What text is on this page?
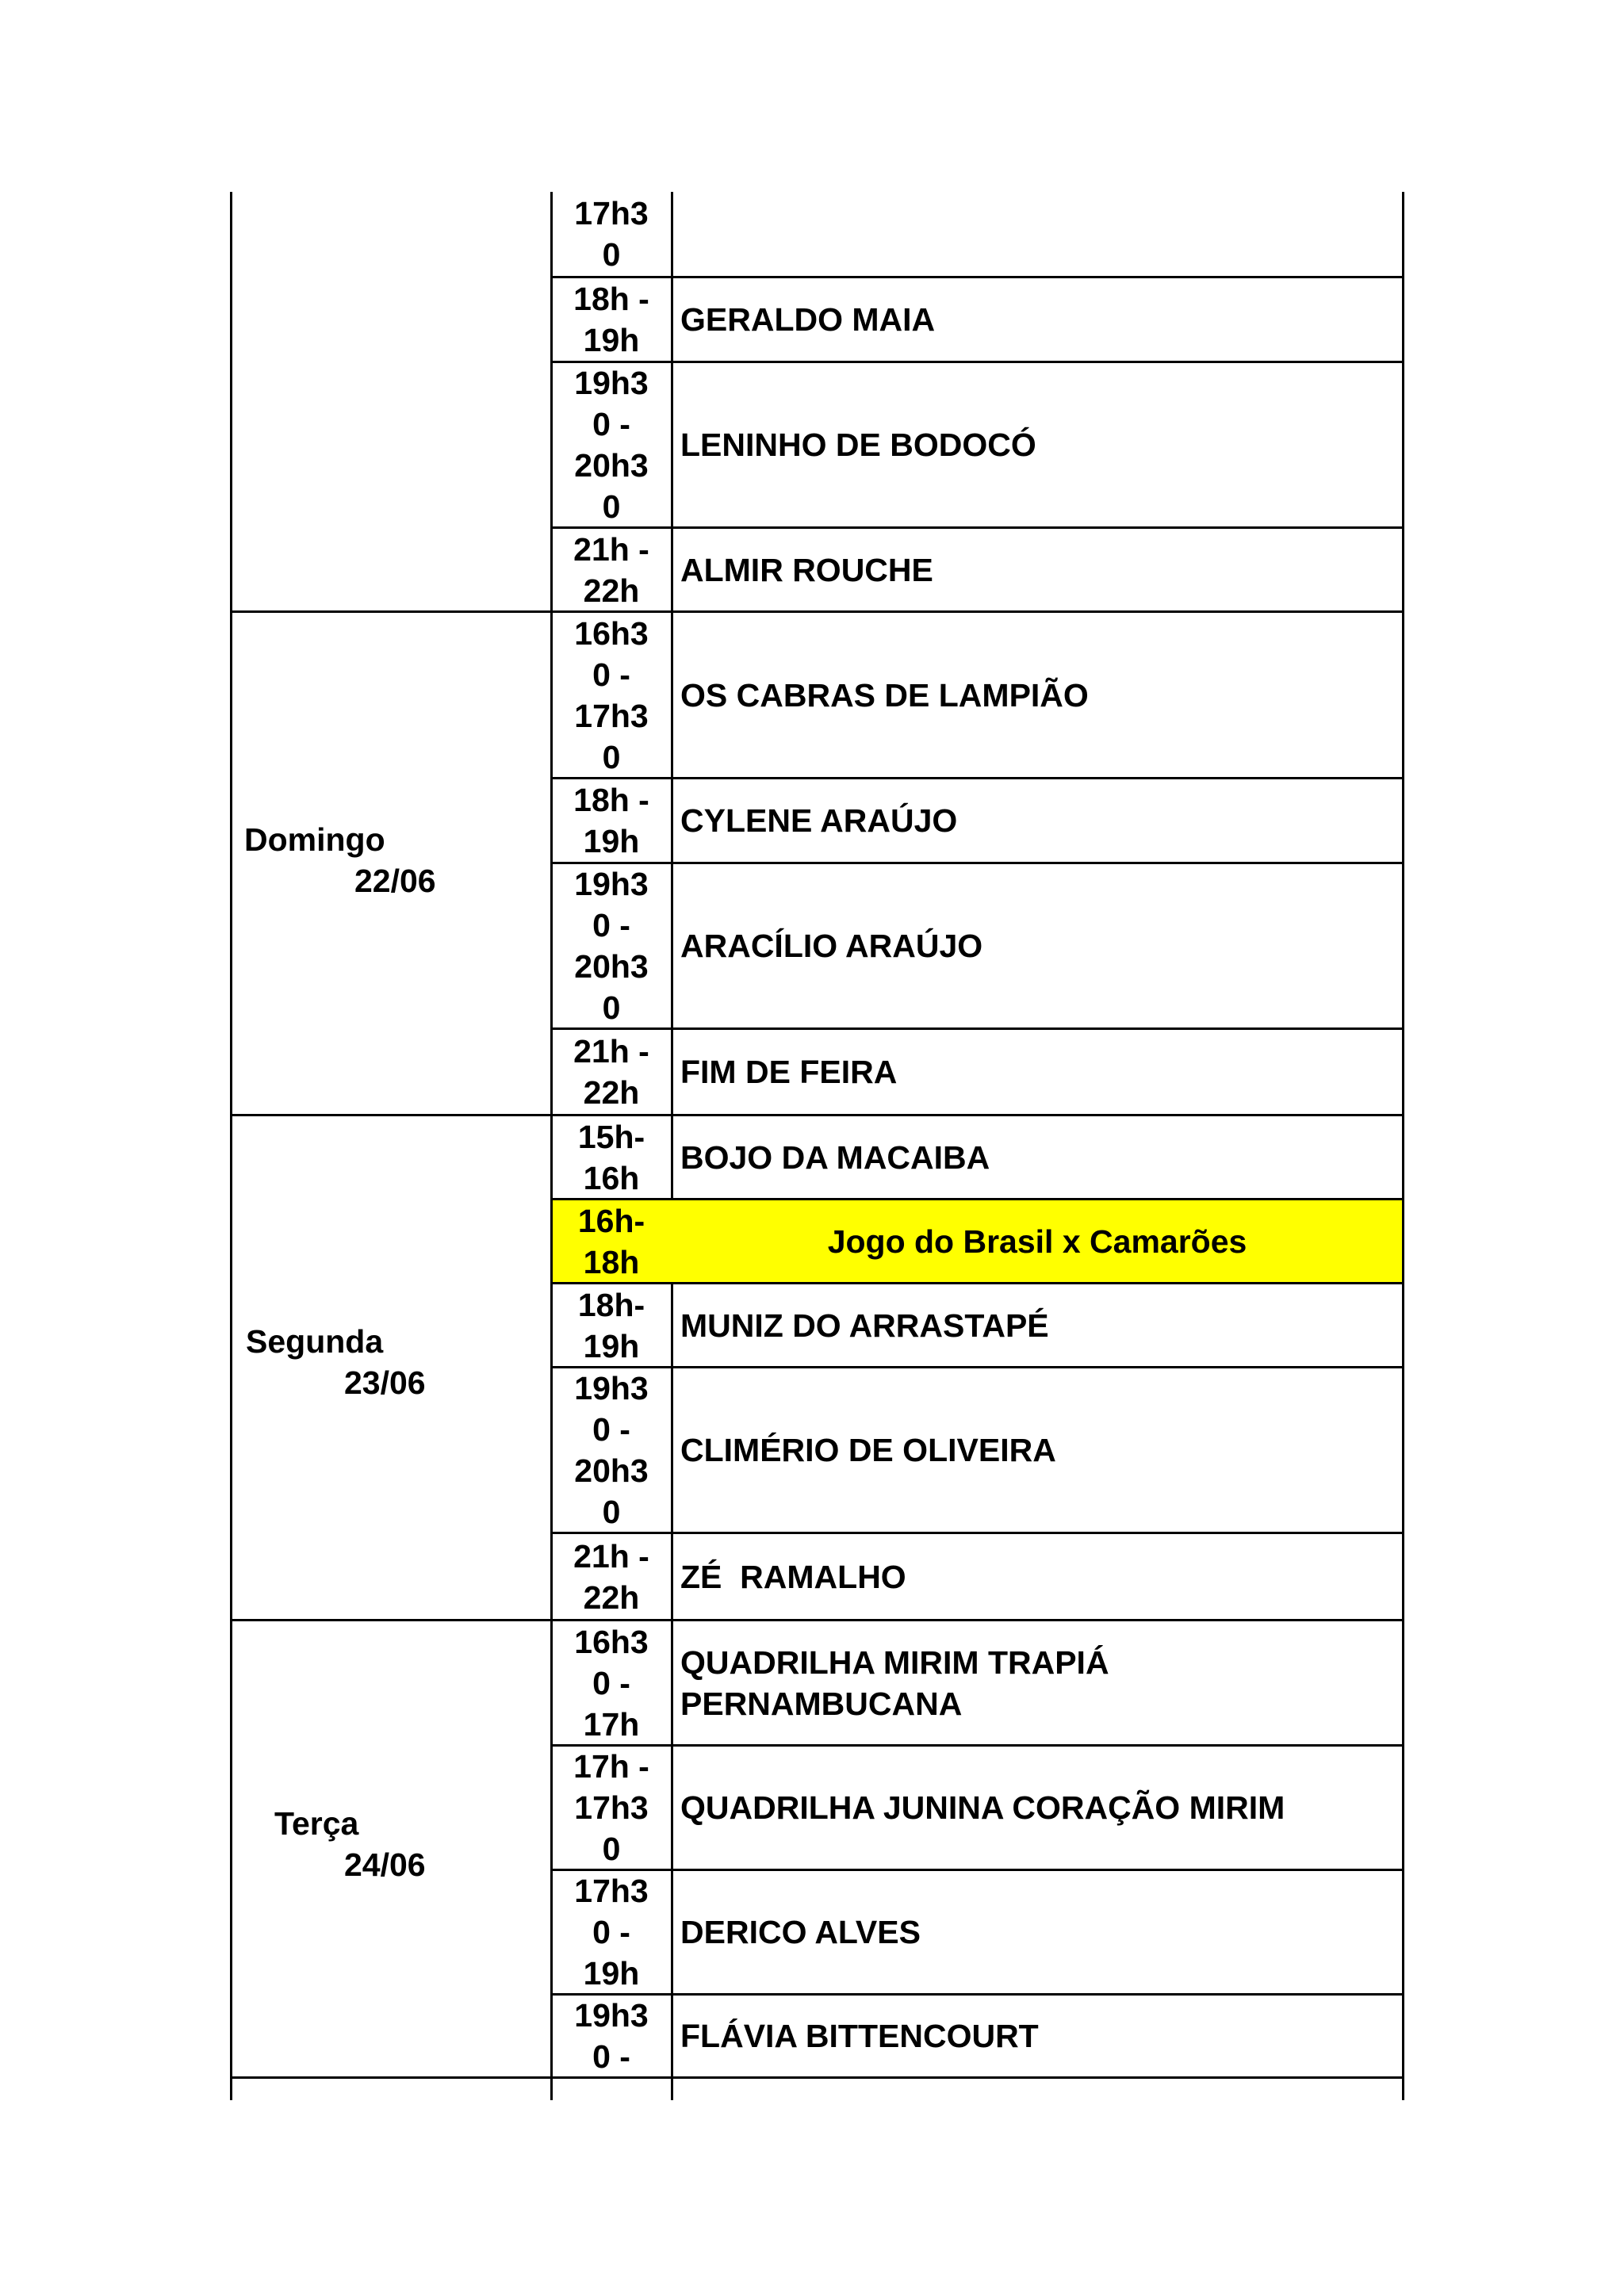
Domingo
22/06
Segunda
23/06
Terça
24/06
17h3
0
18h -
19h
GERALDO MAIA
19h3
0 -
20h3
0
LENINHO DE BODOCÓ
21h -
22h
ALMIR ROUCHE
16h3
0 -
17h3
0
OS CABRAS DE LAMPIÃO
18h -
19h
CYLENE ARAÚJO
19h3
0 -
20h3
0
ARACÍLIO ARAÚJO
21h -
22h
FIM DE FEIRA
15h-
16h
BOJO DA MACAIBA
16h-
18h
Jogo do Brasil x Camarões
18h-
19h
MUNIZ DO ARRASTAPÉ
19h3
0 -
20h3
0
CLIMÉRIO DE OLIVEIRA
21h -
22h
ZÉ  RAMALHO
16h3
0 -
17h
QUADRILHA MIRIM TRAPIÁ
PERNAMBUCANA
17h -
17h3
0
QUADRILHA JUNINA CORAÇÃO MIRIM
17h3
0 -
19h
DERICO ALVES
19h3
0 -
FLÁVIA BITTENCOURT
